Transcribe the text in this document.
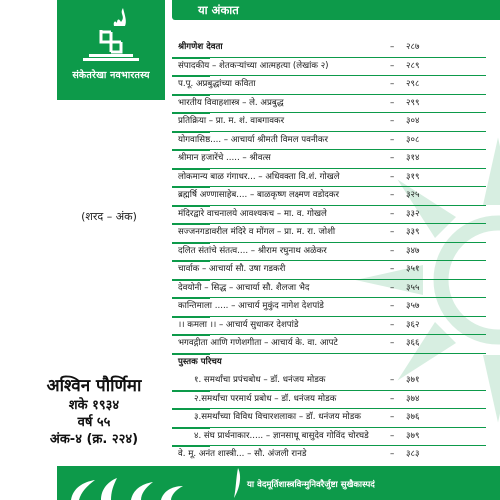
संकेतरेखा नवभारतस्य
(शरद – अंक)
अश्विन पौर्णिमा
शके १९३४
वर्ष ५५
अंक-४ (क्र. २२४)
या अंकात
श्रीगणेश देवता	– २८७
संपादकीय – शेतकऱ्यांच्या आत्महत्या (लेखांक २)	– २८९
प.पू. अप्रबुद्धांच्या कविता	– २९८
भारतीय विवाहशास्त्र – ले. अप्रबुद्ध	– २९९
प्रतिक्रिया – प्रा. म. शं. वाबगावकर	– ३०४
योगवासिष्ठ.... – आचार्या श्रीमती विमल पवनीकर	– ३०८
श्रीमान हजारेंचे ..... – श्रीवत्स	– ३१४
लोकमान्य बाळ गंगाधर... – अधिवक्ता वि.शं. गोखले	– ३१९
ब्रह्मर्षि अण्णासाहेब.... – बाळकृष्ण लक्ष्मण वडोदकर	– ३२५
मंदिरद्वारे वाचनालये आवश्यकच – मा. व. गोखले	– ३३२
सज्जनगडावरील मंदिरे व मोंगल – प्रा. म. रा. जोशी	– ३३९
दलित संतांचे संतत्व.... – श्रीराम रघुनाथ अळेकर	– ३४७
चार्वाक – आचार्या सौ. उषा गडकरी	– ३५१
देवयोनी – सिद्ध – आचार्या सौ. शैलजा भैद	– ३५५
कान्तिमाला ..... – आचार्य मुकुंद नागेश देशपांडे	– ३५७
।। कमला ।। – आचार्य सुधाकर देशपांडे	– ३६२
भगवद्गीता आणि गणेशगीता – आचार्य के. वा. आपटे	– ३६६
पुस्तक परिचय
१. समर्थांचा प्रपंचबोध – डॉ. धनंजय मोडक	– ३७१
२.समर्थांचा परमार्थ प्रबोध – डॉ. धनंजय मोडक	– ३७४
३.समर्थांच्या विविध विचारशलाका – डॉ. धनंजय मोडक	– ३७६
४. संघ प्रार्थनाकार..... – ज्ञानसाधू बासुदेव गोविंद चोरघडे – ३७९
वे. मू. अनंत शास्त्री... – सौ. अंजली रानडे	– ३८३
या वेदमूर्तिशास्त्रविन्मुनिवरैर्जुष्टा सुखैकास्पदं
